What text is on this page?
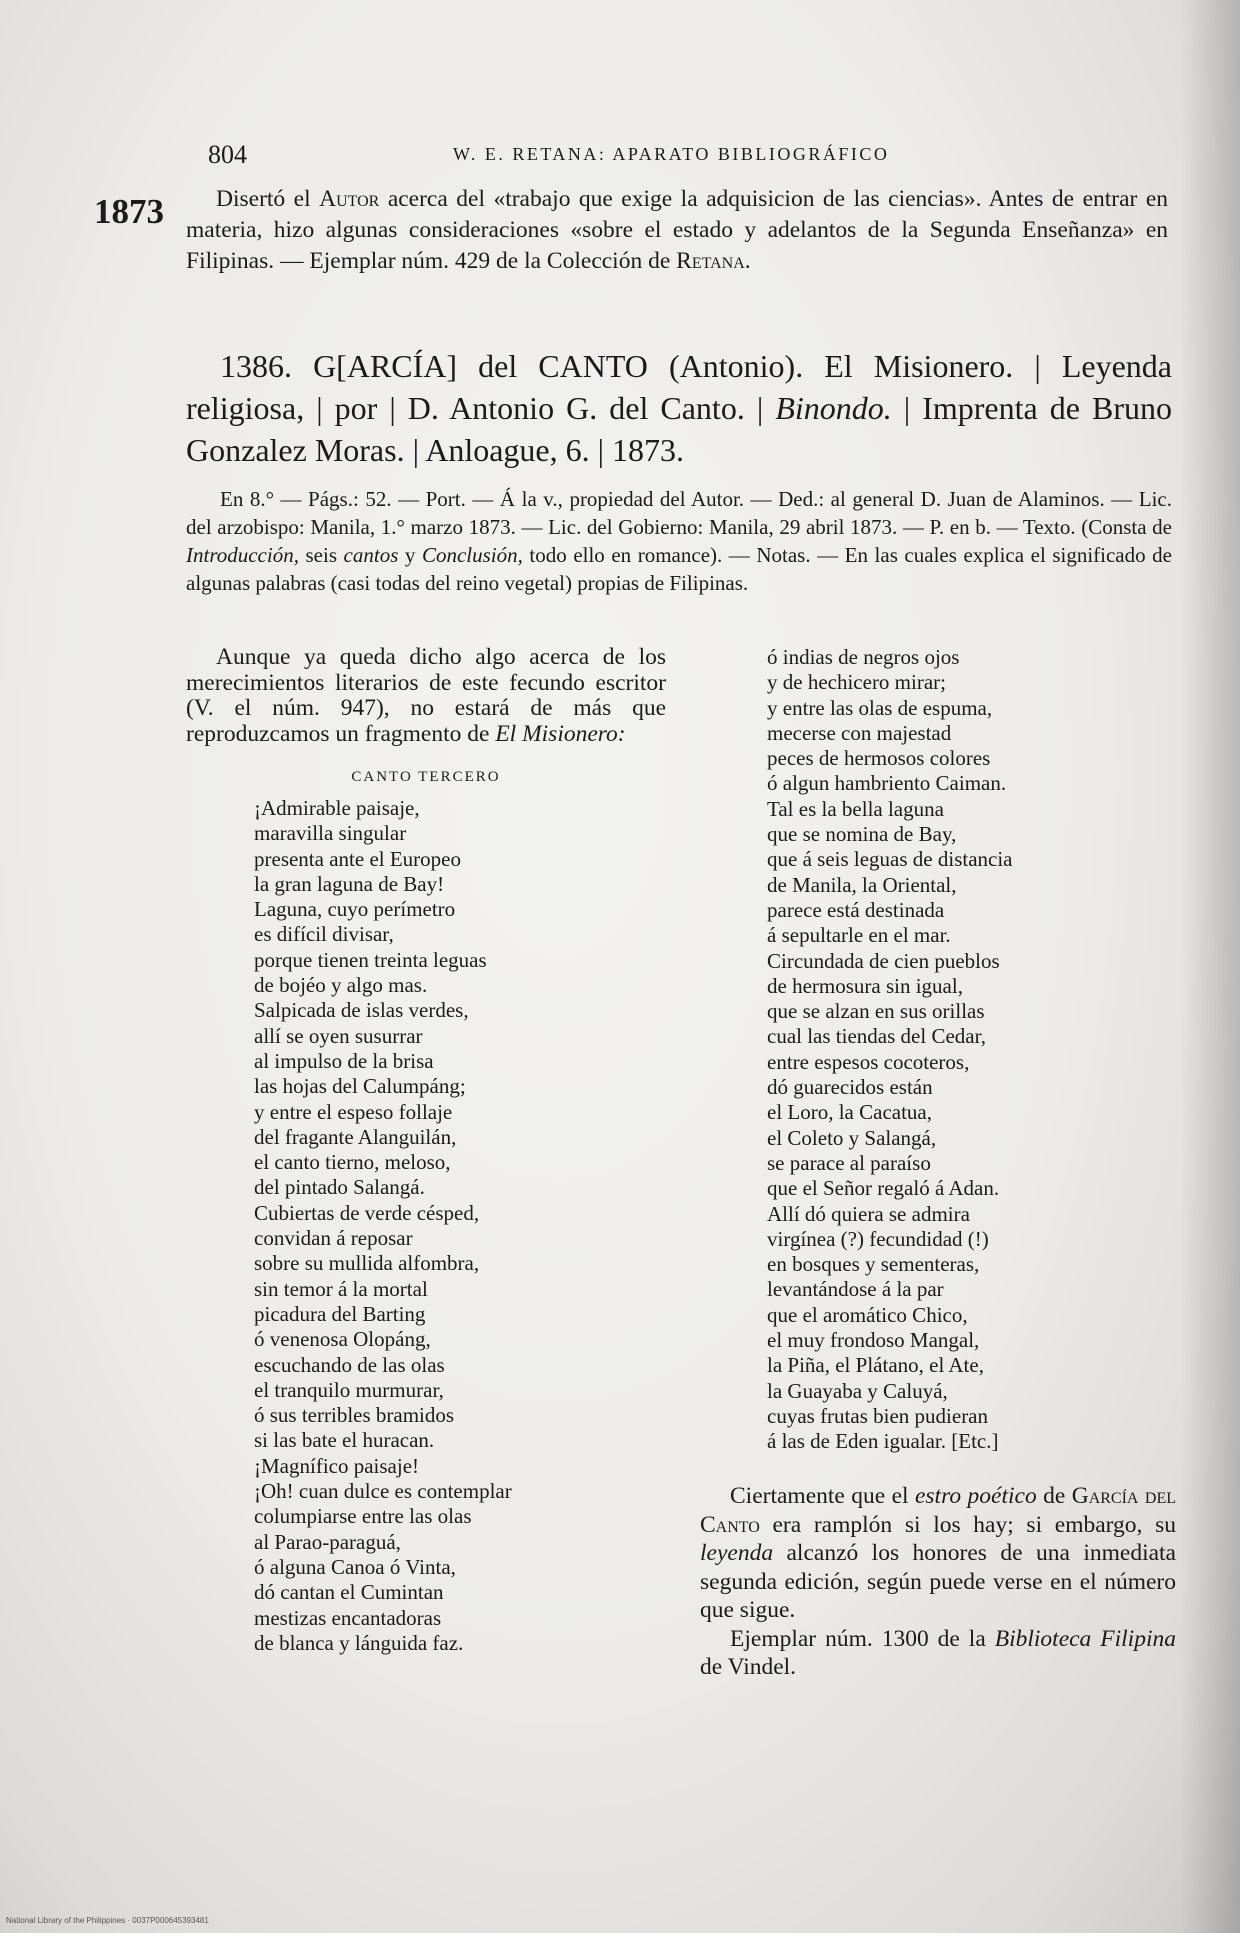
804	W. E. RETANA: APARATO BIBLIOGRÁFICO
1873	Disertó el Autor acerca del «trabajo que exige la adquisicion de las ciencias». Antes de entrar en materia, hizo algunas consideraciones «sobre el estado y adelantos de la Segunda Enseñanza» en Filipinas. — Ejemplar núm. 429 de la Colección de Retana.

1386. G[ARCÍA] del CANTO (Antonio). El Misionero. | Leyenda religiosa, | por | D. Antonio G. del Canto. | Binondo. | Imprenta de Bruno Gonzalez Moras. | Anloague, 6. | 1873.

En 8.° — Págs.: 52. — Port. — Á la v., propiedad del Autor. — Ded.: al general D. Juan de Alaminos. — Lic. del arzobispo: Manila, 1.° marzo 1873. — Lic. del Gobierno: Manila, 29 abril 1873. — P. en b. — Texto. (Consta de Introducción, seis cantos y Conclusión, todo ello en romance). — Notas. — En las cuales explica el significado de algunas palabras (casi todas del reino vegetal) propias de Filipinas.

Aunque ya queda dicho algo acerca de los merecimientos literarios de este fecundo escritor (V. el núm. 947), no estará de más que reproduzcamos un fragmento de El Misionero:

CANTO TERCERO
¡Admirable paisaje,
maravilla singular
presenta ante el Europeo
la gran laguna de Bay!
Laguna, cuyo perímetro
es difícil divisar,
porque tienen treinta leguas
de bojéo y algo mas.
Salpicada de islas verdes,
allí se oyen susurrar
al impulso de la brisa
las hojas del Calumpáng;
y entre el espeso follaje
del fragante Alanguilán,
el canto tierno, meloso,
del pintado Salangá.
Cubiertas de verde césped,
convidan á reposar
sobre su mullida alfombra,
sin temor á la mortal
picadura del Barting
ó venenosa Olopáng,
escuchando de las olas
el tranquilo murmurar,
ó sus terribles bramidos
si las bate el huracan.
¡Magnífico paisaje!
¡Oh! cuan dulce es contemplar
columpiarse entre las olas
al Parao-paraguá,
ó alguna Canoa ó Vinta,
dó cantan el Cumintan
mestizas encantadoras
de blanca y lánguida faz.
ó indias de negros ojos
y de hechicero mirar;
y entre las olas de espuma,
mecerse con majestad
peces de hermosos colores
ó algun hambriento Caiman.
Tal es la bella laguna
que se nomina de Bay,
que á seis leguas de distancia
de Manila, la Oriental,
parece está destinada
á sepultarle en el mar.
Circundada de cien pueblos
de hermosura sin igual,
que se alzan en sus orillas
cual las tiendas del Cedar,
entre espesos cocoteros,
dó guarecidos están
el Loro, la Cacatua,
el Coleto y Salangá,
se parace al paraíso
que el Señor regaló á Adan.
Allí dó quiera se admira
virgínea (?) fecundidad (!)
en bosques y sementeras,
levantándose á la par
que el aromático Chico,
el muy frondoso Mangal,
la Piña, el Plátano, el Ate,
la Guayaba y Caluyá,
cuyas frutas bien pudieran
á las de Eden igualar. [Etc.]

Ciertamente que el estro poético de García del Canto era ramplón si los hay; si embargo, su leyenda alcanzó los honores de una inmediata segunda edición, según puede verse en el número que sigue.

Ejemplar núm. 1300 de la Biblioteca Filipina de Vindel.

National Library of the Philippines · 0037P000645393481
